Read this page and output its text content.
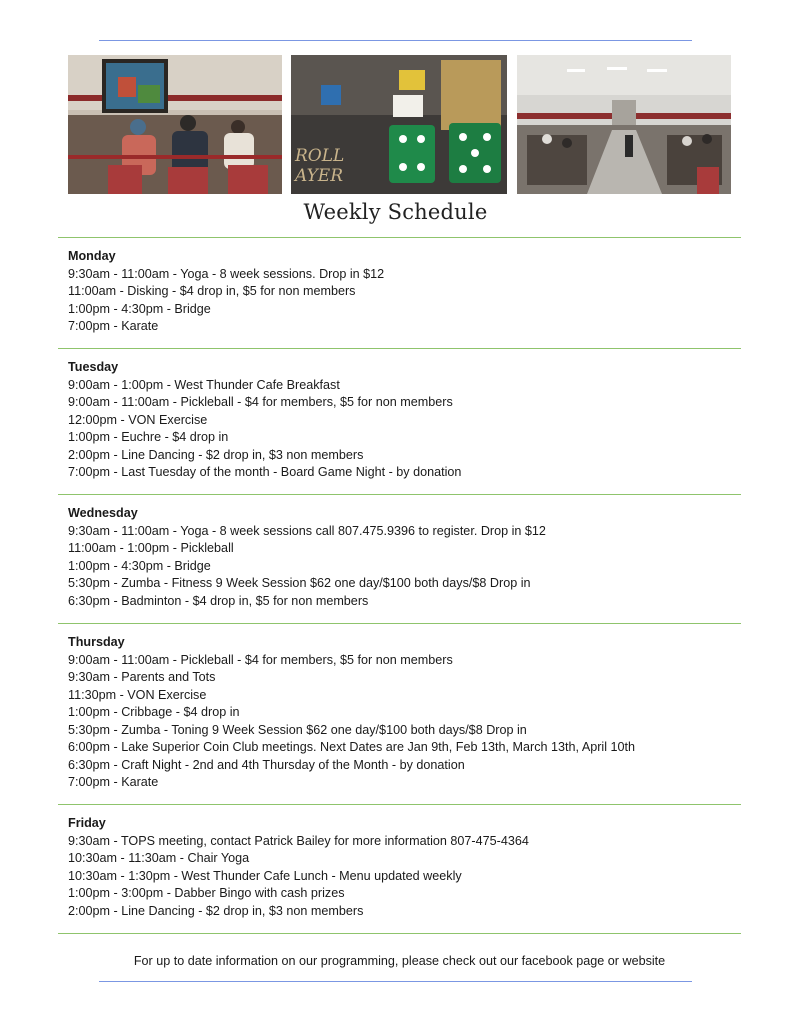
ROLL
AYER
Weekly Schedule
Monday
9:30am - 11:00am - Yoga - 8 week sessions. Drop in $12
11:00am - Disking - $4 drop in, $5 for non members
1:00pm - 4:30pm - Bridge
7:00pm - Karate
Tuesday
9:00am - 1:00pm - West Thunder Cafe Breakfast
9:00am - 11:00am - Pickleball - $4 for members, $5 for non members
12:00pm - VON Exercise
1:00pm - Euchre - $4 drop in
2:00pm - Line Dancing - $2 drop in, $3 non members
7:00pm - Last Tuesday of the month - Board Game Night - by donation
Wednesday
9:30am - 11:00am - Yoga - 8 week sessions call 807.475.9396 to register. Drop in $12
11:00am - 1:00pm - Pickleball
1:00pm - 4:30pm - Bridge
5:30pm - Zumba - Fitness 9 Week Session $62 one day/$100 both days/$8 Drop in
6:30pm - Badminton - $4 drop in, $5 for non members
Thursday
9:00am - 11:00am - Pickleball - $4 for members, $5 for non members
9:30am - Parents and Tots
11:30pm - VON Exercise
1:00pm - Cribbage - $4 drop in
5:30pm - Zumba - Toning 9 Week Session $62 one day/$100 both days/$8 Drop in
6:00pm - Lake Superior Coin Club meetings. Next Dates are Jan 9th, Feb 13th, March 13th, April 10th
6:30pm - Craft Night - 2nd and 4th Thursday of the Month - by donation
7:00pm - Karate
Friday
9:30am - TOPS meeting, contact Patrick Bailey for more information 807-475-4364
10:30am - 11:30am - Chair Yoga
10:30am - 1:30pm - West Thunder Cafe Lunch - Menu updated weekly
1:00pm - 3:00pm - Dabber Bingo with cash prizes
2:00pm - Line Dancing - $2 drop in, $3 non members
For up to date information on our programming, please check out our facebook page or website
